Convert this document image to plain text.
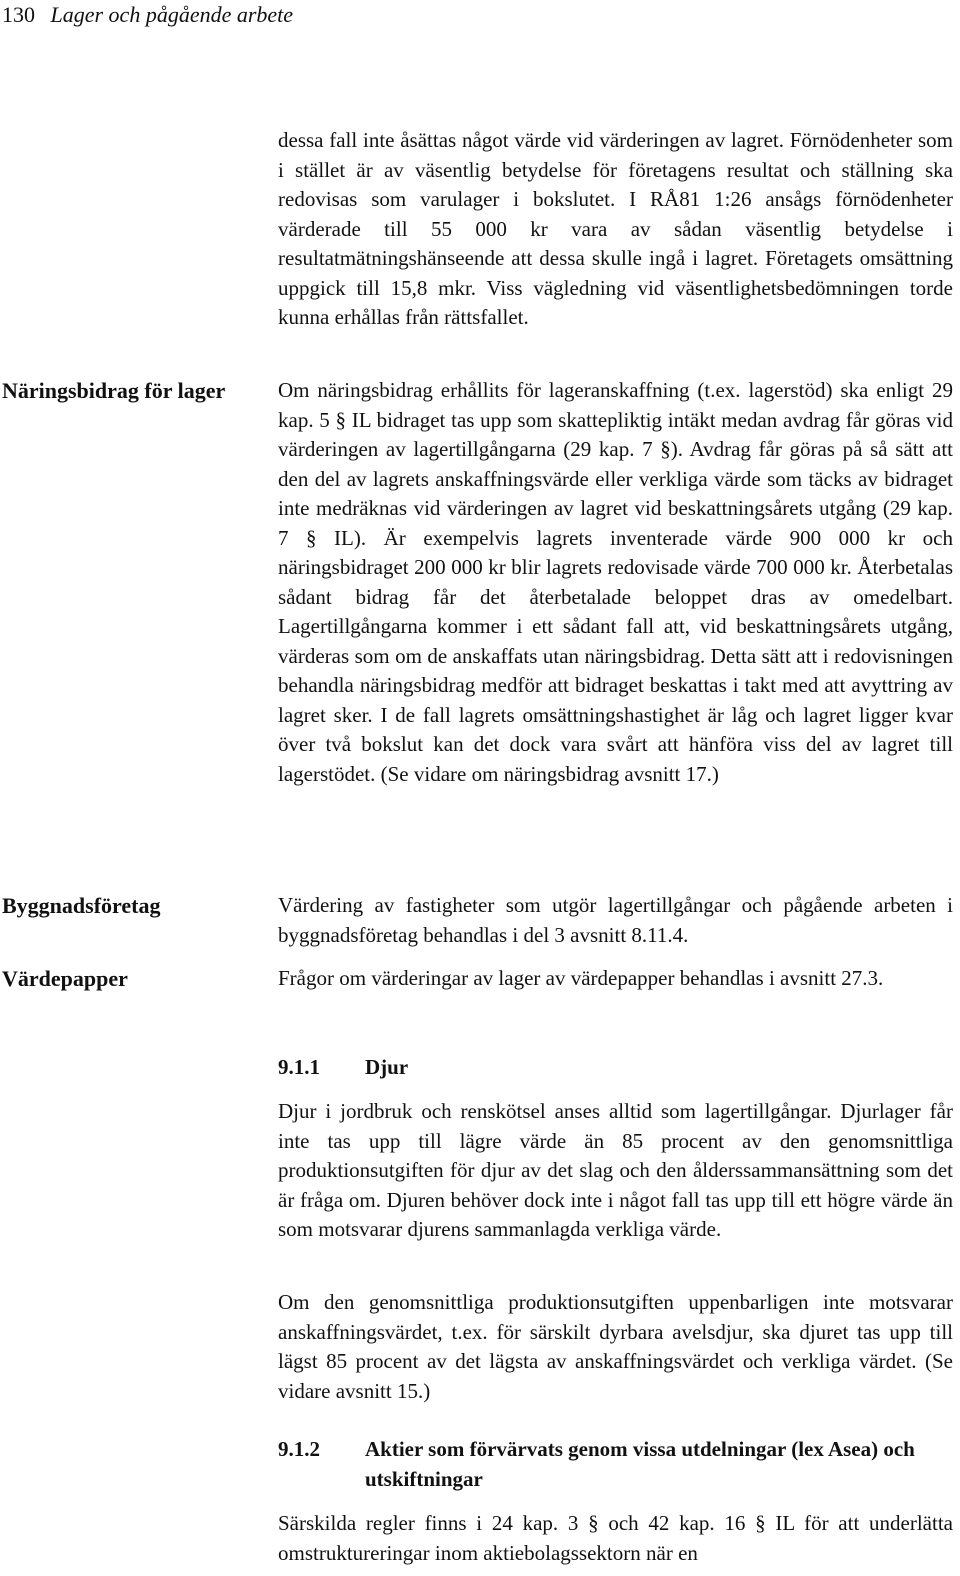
130 Lager och pågående arbete

dessa fall inte åsättas något värde vid värderingen av lagret. Förnödenheter som i stället är av väsentlig betydelse för företagens resultat och ställning ska redovisas som varulager i bokslutet. I RÅ81 1:26 ansågs förnödenheter värderade till 55 000 kr vara av sådan väsentlig betydelse i resultatmätningshänseende att dessa skulle ingå i lagret. Företagets omsättning uppgick till 15,8 mkr. Viss vägledning vid väsentlighetsbedömningen torde kunna erhållas från rättsfallet.

Näringsbidrag för lager	Om näringsbidrag erhållits för lageranskaffning (t.ex. lagerstöd) ska enligt 29 kap. 5 § IL bidraget tas upp som skattepliktig intäkt medan avdrag får göras vid värderingen av lagertillgångarna (29 kap. 7 §). Avdrag får göras på så sätt att den del av lagrets anskaffningsvärde eller verkliga värde som täcks av bidraget inte medräknas vid värderingen av lagret vid beskattningsårets utgång (29 kap. 7 § IL). Är exempelvis lagrets inventerade värde 900 000 kr och näringsbidraget 200 000 kr blir lagrets redovisade värde 700 000 kr. Återbetalas sådant bidrag får det återbetalade beloppet dras av omedelbart. Lagertillgångarna kommer i ett sådant fall att, vid beskattningsårets utgång, värderas som om de anskaffats utan näringsbidrag. Detta sätt att i redovisningen behandla näringsbidrag medför att bidraget beskattas i takt med att avyttring av lagret sker. I de fall lagrets omsättningshastighet är låg och lagret ligger kvar över två bokslut kan det dock vara svårt att hänföra viss del av lagret till lagerstödet. (Se vidare om näringsbidrag avsnitt 17.)

Byggnadsföretag	Värdering av fastigheter som utgör lagertillgångar och pågående arbeten i byggnadsföretag behandlas i del 3 avsnitt 8.11.4.

Värdepapper	Frågor om värderingar av lager av värdepapper behandlas i avsnitt 27.3.

9.1.1 Djur

Djur i jordbruk och renskötsel anses alltid som lagertillgångar. Djurlager får inte tas upp till lägre värde än 85 procent av den genomsnittliga produktionsutgiften för djur av det slag och den ålderssammansättning som det är fråga om. Djuren behöver dock inte i något fall tas upp till ett högre värde än som motsvarar djurens sammanlagda verkliga värde.

Om den genomsnittliga produktionsutgiften uppenbarligen inte motsvarar anskaffningsvärdet, t.ex. för särskilt dyrbara avelsdjur, ska djuret tas upp till lägst 85 procent av det lägsta av anskaffningsvärdet och verkliga värdet. (Se vidare avsnitt 15.)

9.1.2 Aktier som förvärvats genom vissa utdelningar (lex Asea) och utskiftningar

Särskilda regler finns i 24 kap. 3 § och 42 kap. 16 § IL för att underlätta omstruktureringar inom aktiebolagssektorn när en
